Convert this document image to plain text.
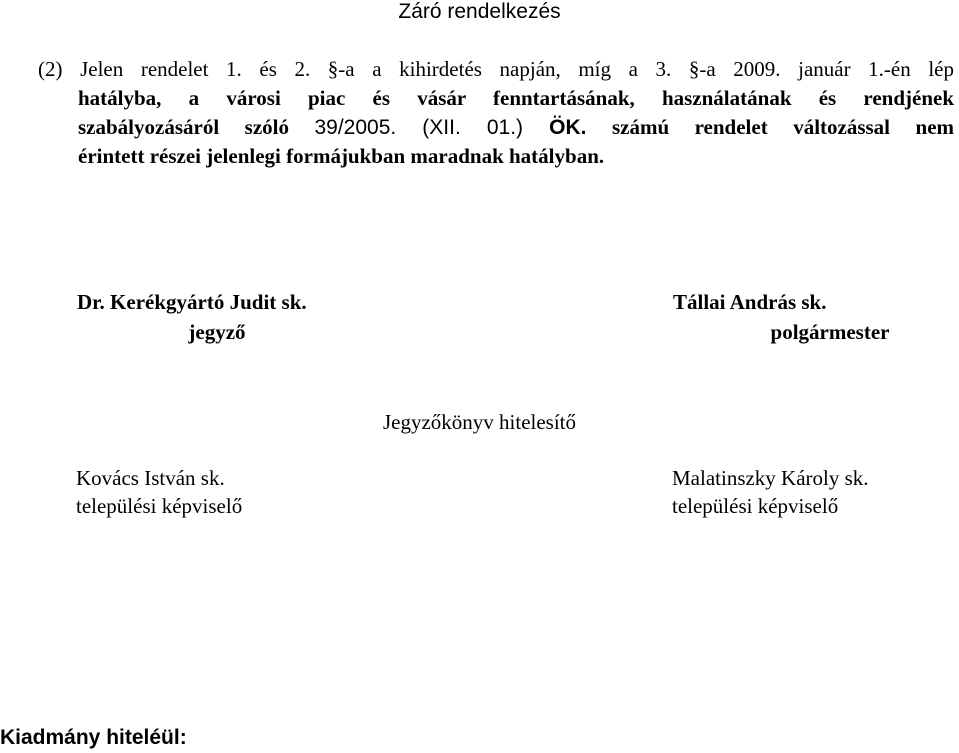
Záró rendelkezés
(2) Jelen rendelet 1. és 2. §-a a kihirdetés napján, míg a 3. §-a 2009. január 1.-én lép
hatályba, a városi piac és vásár fenntartásának, használatának és rendjének
szabályozásáról szóló 39/2005. (XII. 01.) ÖK. számú rendelet változással nem
érintett részei jelenlegi formájukban maradnak hatályban.
Dr. Kerékgyártó Judit sk.
jegyző
Tállai András sk.
polgármester
Jegyzőkönyv hitelesítő
Kovács István sk.
települési képviselő
Malatinszky Károly sk.
települési képviselő
Kiadmány hiteléül:
